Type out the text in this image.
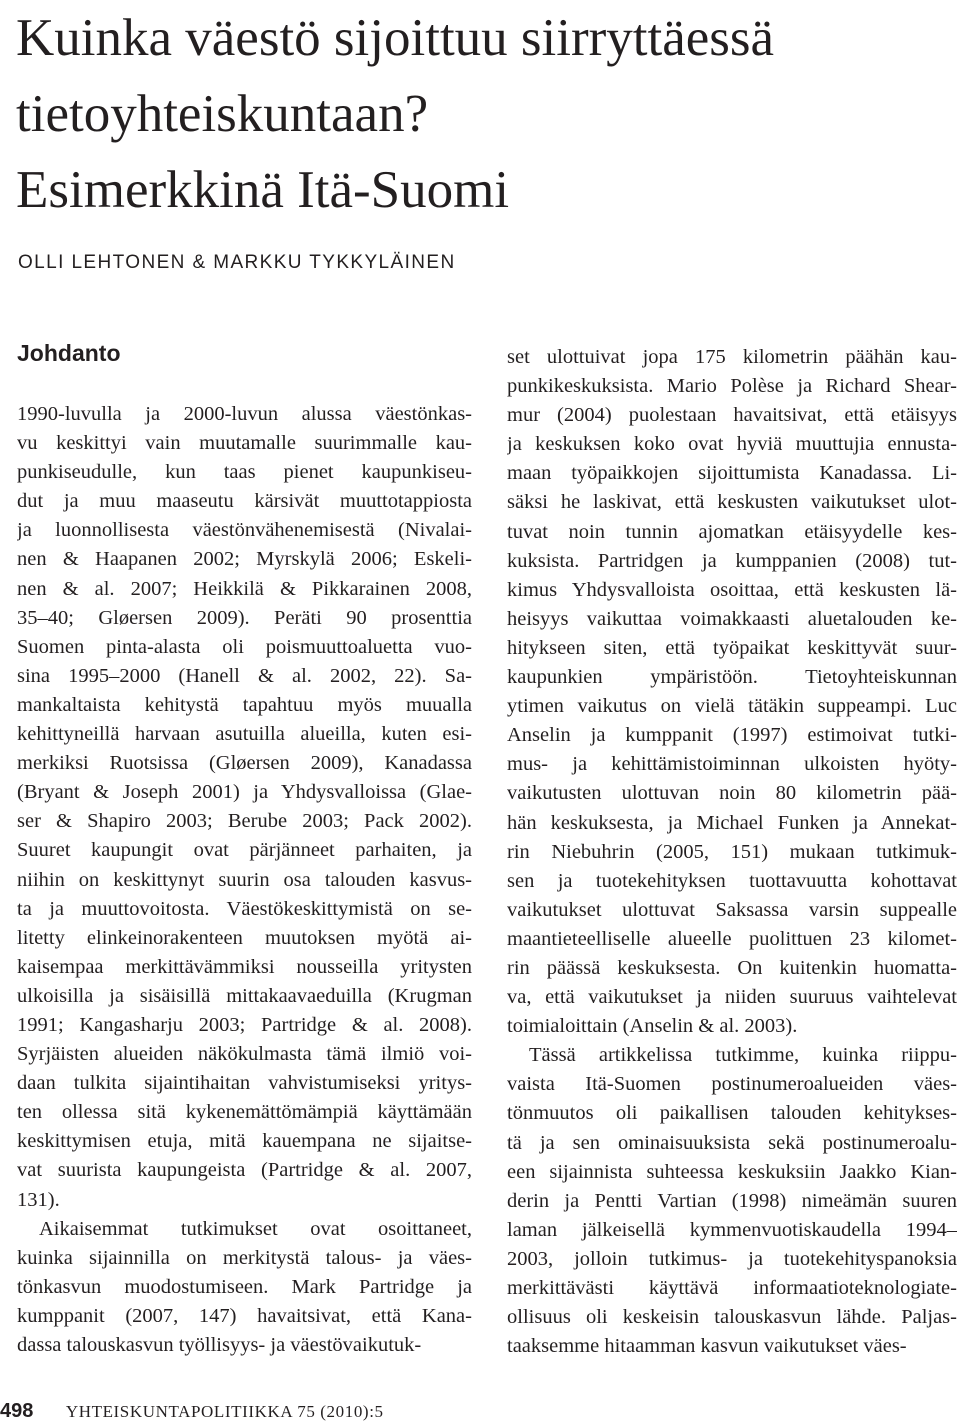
Kuinka väestö sijoittuu siirryttäessä
tietoyhteiskuntaan?
Esimerkkinä Itä-Suomi
OLLI LEHTONEN & MARKKU TYKKYLÄINEN
Johdanto
1990-luvulla ja 2000-luvun alussa väestönkas-
vu keskittyi vain muutamalle suurimmalle kau-
punkiseudulle, kun taas pienet kaupunkiseu-
dut ja muu maaseutu kärsivät muuttotappiosta
ja luonnollisesta väestönvähenemisestä (Nivalai-
nen & Haapanen 2002; Myrskylä 2006; Eskeli-
nen & al. 2007; Heikkilä & Pikkarainen 2008,
35–40; Gløersen 2009). Peräti 90 prosenttia
Suomen pinta-alasta oli poismuuttoaluetta vuo-
sina 1995–2000 (Hanell & al. 2002, 22). Sa-
mankaltaista kehitystä tapahtuu myös muualla
kehittyneillä harvaan asutuilla alueilla, kuten esi-
merkiksi Ruotsissa (Gløersen 2009), Kanadassa
(Bryant & Joseph 2001) ja Yhdysvalloissa (Glae-
ser & Shapiro 2003; Berube 2003; Pack 2002).
Suuret kaupungit ovat pärjänneet parhaiten, ja
niihin on keskittynyt suurin osa talouden kasvus-
ta ja muuttovoitosta. Väestökeskittymistä on se-
litetty elinkeinorakenteen muutoksen myötä ai-
kaisempaa merkittävämmiksi nousseilla yritysten
ulkoisilla ja sisäisillä mittakaavaeduilla (Krugman
1991; Kangasharju 2003; Partridge & al. 2008).
Syrjäisten alueiden näkökulmasta tämä ilmiö voi-
daan tulkita sijaintihaitan vahvistumiseksi yritys-
ten ollessa sitä kykenemättömämpiä käyttämään
keskittymisen etuja, mitä kauempana ne sijaitse-
vat suurista kaupungeista (Partridge & al. 2007,
131).
Aikaisemmat tutkimukset ovat osoittaneet,
kuinka sijainnilla on merkitystä talous- ja väes-
tönkasvun muodostumiseen. Mark Partridge ja
kumppanit (2007, 147) havaitsivat, että Kana-
dassa talouskasvun työllisyys- ja väestövaikutuk-
set ulottuivat jopa 175 kilometrin päähän kau-
punkikeskuksista. Mario Polèse ja Richard Shear-
mur (2004) puolestaan havaitsivat, että etäisyys
ja keskuksen koko ovat hyviä muuttujia ennusta-
maan työpaikkojen sijoittumista Kanadassa. Li-
säksi he laskivat, että keskusten vaikutukset ulot-
tuvat noin tunnin ajomatkan etäisyydelle kes-
kuksista. Partridgen ja kumppanien (2008) tut-
kimus Yhdysvalloista osoittaa, että keskusten lä-
heisyys vaikuttaa voimakkaasti aluetalouden ke-
hitykseen siten, että työpaikat keskittyvät suur-
kaupunkien ympäristöön. Tietoyhteiskunnan
ytimen vaikutus on vielä tätäkin suppeampi. Luc
Anselin ja kumppanit (1997) estimoivat tutki-
mus- ja kehittämistoiminnan ulkoisten hyöty-
vaikutusten ulottuvan noin 80 kilometrin pää-
hän keskuksesta, ja Michael Funken ja Annekat-
rin Niebuhrin (2005, 151) mukaan tutkimuk-
sen ja tuotekehityksen tuottavuutta kohottavat
vaikutukset ulottuvat Saksassa varsin suppealle
maantieteelliselle alueelle puolittuen 23 kilomet-
rin päässä keskuksesta. On kuitenkin huomatta-
va, että vaikutukset ja niiden suuruus vaihtelevat
toimialoittain (Anselin & al. 2003).
Tässä artikkelissa tutkimme, kuinka riippu-
vaista Itä-Suomen postinumeroalueiden väes-
tönmuutos oli paikallisen talouden kehitykses-
tä ja sen ominaisuuksista sekä postinumeroalu-
een sijainnista suhteessa keskuksiin Jaakko Kian-
derin ja Pentti Vartian (1998) nimeämän suuren
laman jälkeisellä kymmenvuotiskaudella 1994–
2003, jolloin tutkimus- ja tuotekehityspanoksia
merkittävästi käyttävä informaatioteknologiate-
ollisuus oli keskeisin talouskasvun lähde. Paljas-
taaksemme hitaamman kasvun vaikutukset väes-
498 YHTEISKUNTAPOLITIIKKA 75 (2010):5
